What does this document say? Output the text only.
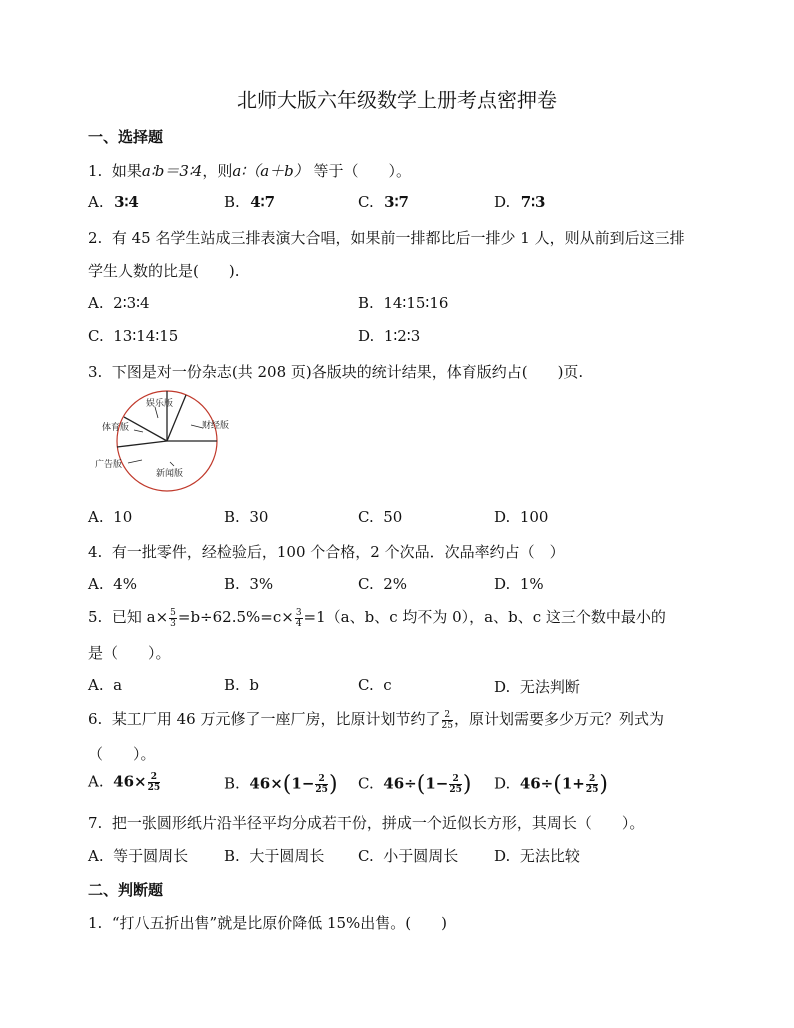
北师大版六年级数学上册考点密押卷
一、选择题
1. 如果a∶b＝3∶4，则a∶（a＋b） 等于（　　）。
A. 3∶4	B. 4∶7	C. 3∶7	D. 7∶3
2. 有 45 名学生站成三排表演大合唱，如果前一排都比后一排少 1 人，则从前到后这三排
学生人数的比是(　　).
A. 2∶3∶4	B. 14∶15∶16
C. 13∶14∶15	D. 1∶2∶3
3. 下图是对一份杂志(共 208 页)各版块的统计结果，体育版约占(　　)页.
娱乐版
财经版
体育版
广告版
新闻版
A. 10	B. 30	C. 50	D. 100
4. 有一批零件，经检验后，100 个合格，2 个次品．次品率约占（　）
A. 4%	B. 3%	C. 2%	D. 1%
5. 已知 $a\times \frac{5}{3} =b\div 62.5\%=c\times \frac{3}{4} =1(a$、b、c 均不为 0），a、b、c 这三个数中最小的
是（　　）。
A. a	B. b	C. c	D. 无法判断
6. 某工厂用 46 万元修了一座厂房，比原计划节约了 $\frac{2}{25}$ ，原计划需要多少万元？列式为
（　　）。
A. $46\times \frac{2}{25}$	B. $46\times(1- \frac{2}{25}$ ) C. $46\div(1- \frac{2}{25}$ ) D. $46\div(1+ \frac{2}{25}$ )
7. 把一张圆形纸片沿半径平均分成若干份，拼成一个近似长方形，其周长（　　）。
A. 等于圆周长 B. 大于圆周长 C. 小于圆周长 D. 无法比较
二、判断题
1. “打八五折出售”就是比原价降低 15%出售。(　　)
